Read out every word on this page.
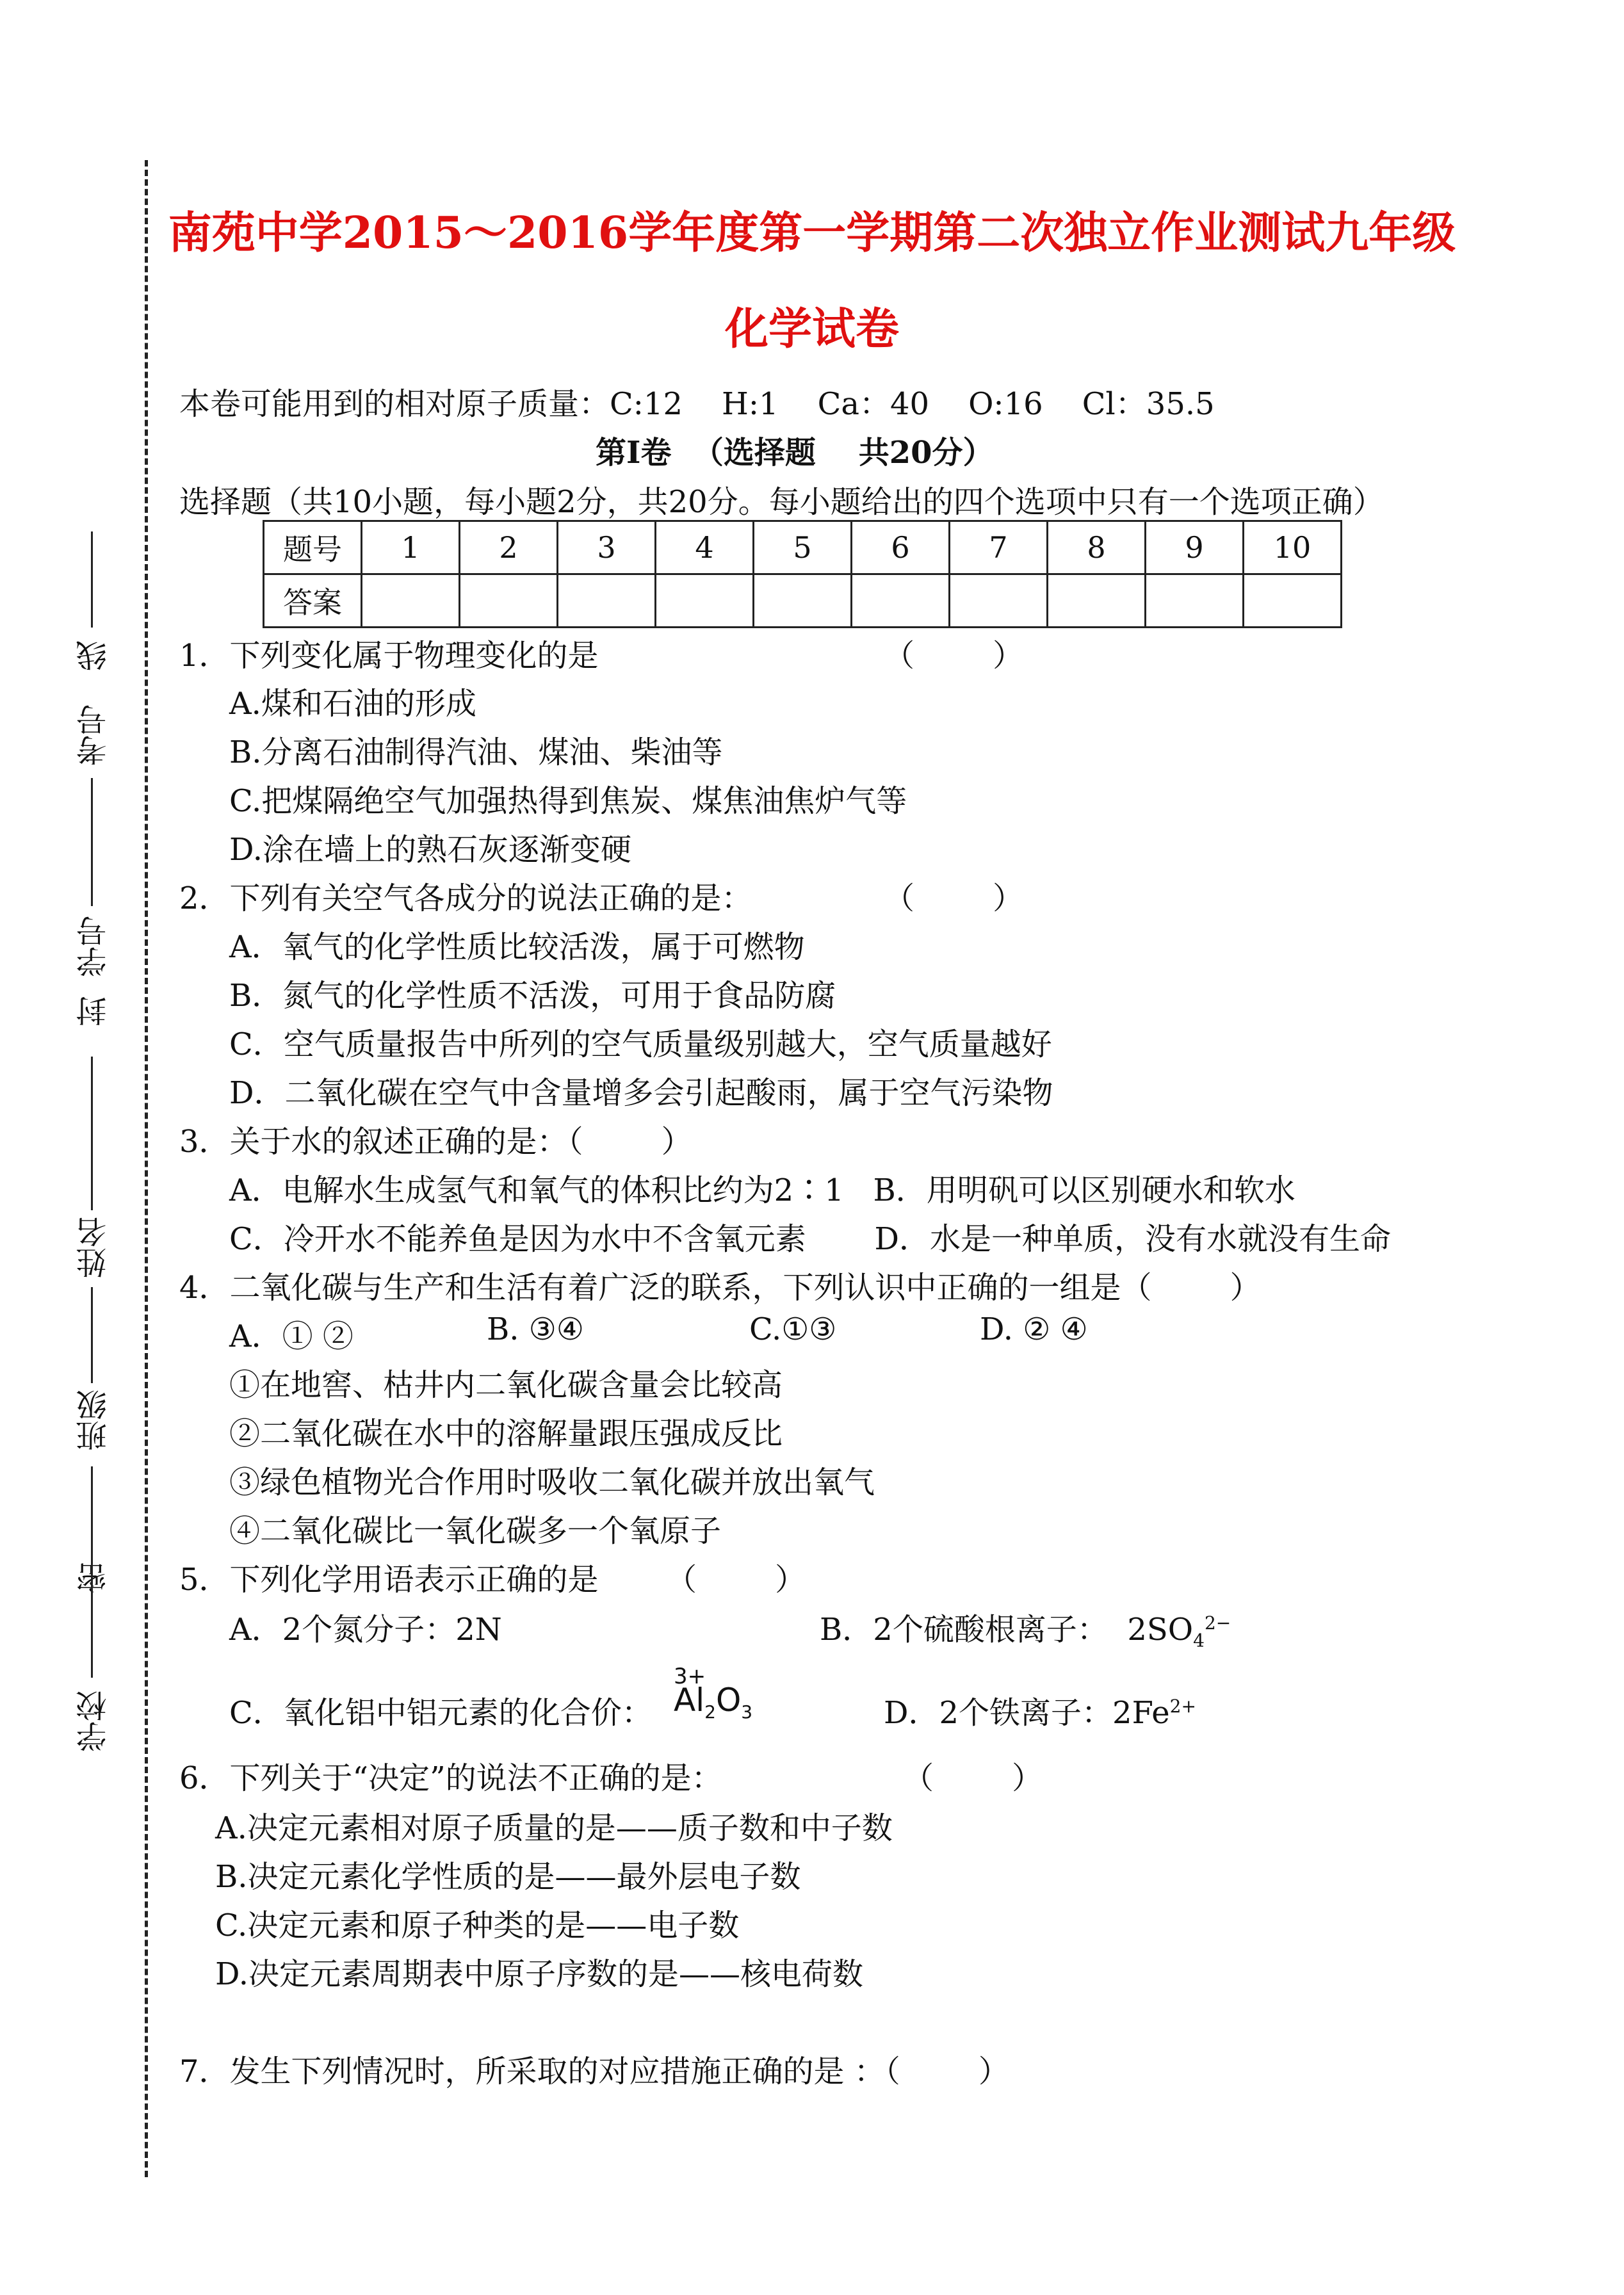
线
封
密
考号
学号
姓名
班级
学校
南苑中学2015～2016学年度第一学期第二次独立作业测试九年级
化学试卷
本卷可能用到的相对原子质量：C:12    H:1    Ca：40    O:16    Cl：35.5
第Ⅰ卷  （选择题    共20分）
选择题（共10小题，每小题2分，共20分。每小题给出的四个选项中只有一个选项正确）
题号	1	2	3	4	5	6	7	8	9	10
答案										
1．下列变化属于物理变化的是	（        ）
A.煤和石油的形成
B.分离石油制得汽油、煤油、柴油等
C.把煤隔绝空气加强热得到焦炭、煤焦油焦炉气等
D.涂在墙上的熟石灰逐渐变硬
2．下列有关空气各成分的说法正确的是：	（        ）
A．氧气的化学性质比较活泼，属于可燃物
B．氮气的化学性质不活泼，可用于食品防腐
C．空气质量报告中所列的空气质量级别越大，空气质量越好
D．二氧化碳在空气中含量增多会引起酸雨，属于空气污染物
3．关于水的叙述正确的是：（        ）
A．电解水生成氢气和氧气的体积比约为2∶1   B．用明矾可以区别硬水和软水
C．冷开水不能养鱼是因为水中不含氧元素       D．水是一种单质，没有水就没有生命
4．二氧化碳与生产和生活有着广泛的联系，下列认识中正确的一组是（        ）
A．① ②	B. ③④	C.①③	D. ② ④
①在地窖、枯井内二氧化碳含量会比较高
②二氧化碳在水中的溶解量跟压强成反比
③绿色植物光合作用时吸收二氧化碳并放出氧气
④二氧化碳比一氧化碳多一个氧原子
5．下列化学用语表示正确的是 （        ）
A．2个氮分子：2N	B．2个硫酸根离子： $2SO_4^{2-}$
C．氧化铝中铝元素的化合价：
3+
$Al_2O_3$	D．2个铁离子：$2Fe^{2+}$
6．下列关于“决定”的说法不正确的是：	（        ）
A.决定元素相对原子质量的是——质子数和中子数
B.决定元素化学性质的是——最外层电子数
C.决定元素和原子种类的是——电子数
D.决定元素周期表中原子序数的是——核电荷数
7．发生下列情况时，所采取的对应措施正确的是 ：（        ）
